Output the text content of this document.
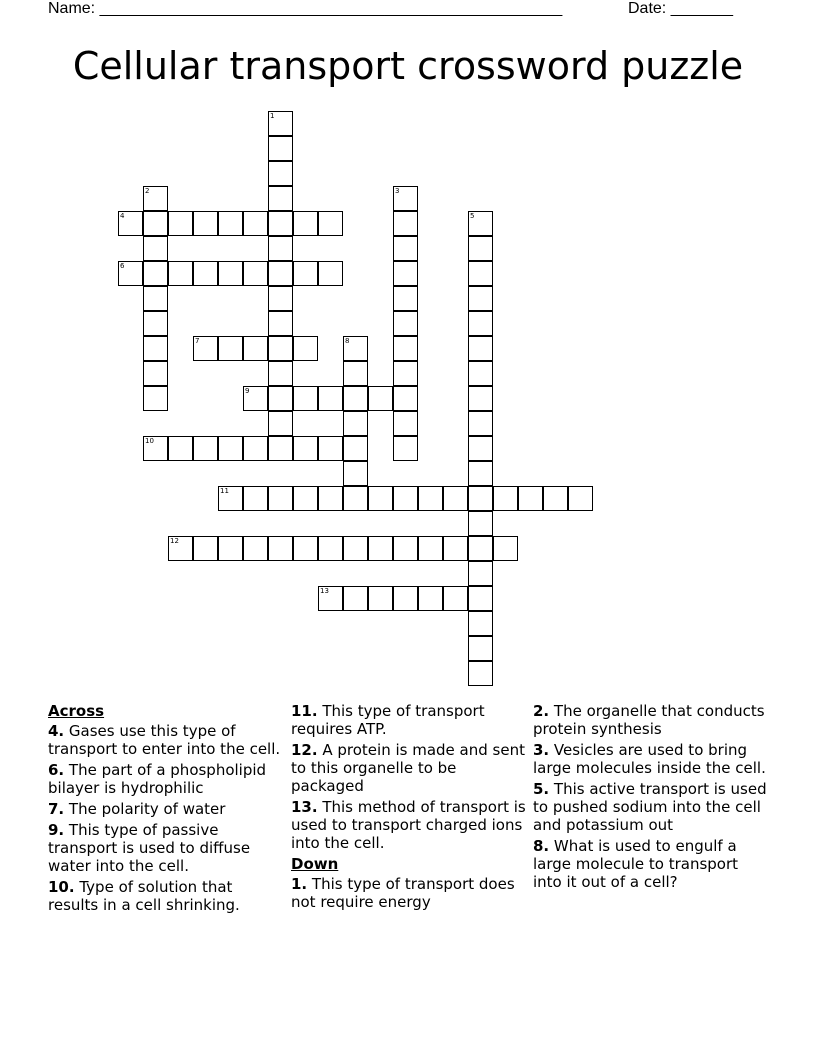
Name: ____________________________________________________	Date: _______
Cellular transport crossword puzzle
1
2	3
4	5
6
7	8
9
10
11
12
13
Across
4. Gases use this type of transport to enter into the cell.
6. The part of a phospholipid bilayer is hydrophilic
7. The polarity of water
9. This type of passive transport is used to diffuse water into the cell.
10. Type of solution that results in a cell shrinking.
11. This type of transport requires ATP.
12. A protein is made and sent to this organelle to be packaged
13. This method of transport is used to transport charged ions into the cell.
Down
1. This type of transport does not require energy
2. The organelle that conducts protein synthesis
3. Vesicles are used to bring large molecules inside the cell.
5. This active transport is used to pushed sodium into the cell and potassium out
8. What is used to engulf a large molecule to transport into it out of a cell?
